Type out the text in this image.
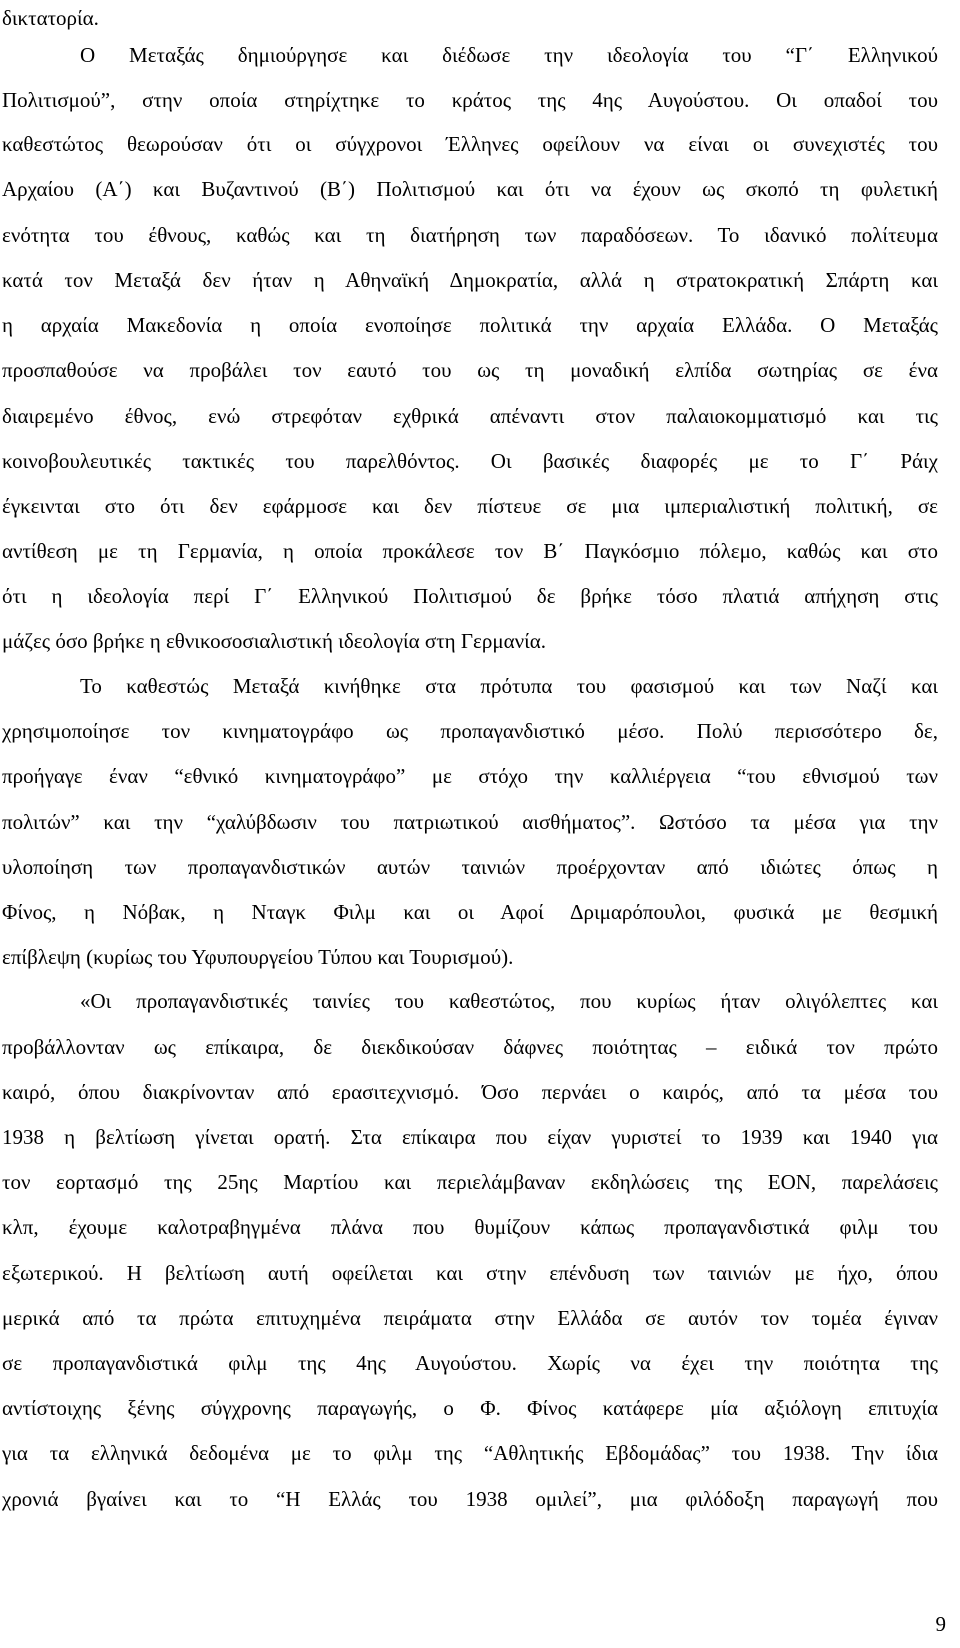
δικτατορία.
Ο Μεταξάς δημιούργησε και διέδωσε την ιδεολογία του “Γ΄ Ελληνικού
Πολιτισμού”, στην οποία στηρίχτηκε το κράτος της 4ης Αυγούστου. Οι οπαδοί του
καθεστώτος θεωρούσαν ότι οι σύγχρονοι Έλληνες οφείλουν να είναι οι συνεχιστές του
Αρχαίου (Α΄) και Βυζαντινού (Β΄) Πολιτισμού και ότι να έχουν ως σκοπό τη φυλετική
ενότητα του έθνους, καθώς και τη διατήρηση των παραδόσεων. Το ιδανικό πολίτευμα
κατά τον Μεταξά δεν ήταν η Αθηναϊκή Δημοκρατία, αλλά η στρατοκρατική Σπάρτη και
η αρχαία Μακεδονία η οποία ενοποίησε πολιτικά την αρχαία Ελλάδα. Ο Μεταξάς
προσπαθούσε να προβάλει τον εαυτό του ως τη μοναδική ελπίδα σωτηρίας σε ένα
διαιρεμένο έθνος, ενώ στρεφόταν εχθρικά απέναντι στον παλαιοκομματισμό και τις
κοινοβουλευτικές τακτικές του παρελθόντος. Οι βασικές διαφορές με το Γ΄ Ράιχ
έγκεινται στο ότι δεν εφάρμοσε και δεν πίστευε σε μια ιμπεριαλιστική πολιτική, σε
αντίθεση με τη Γερμανία, η οποία προκάλεσε τον Β΄ Παγκόσμιο πόλεμο, καθώς και στο
ότι η ιδεολογία περί Γ΄ Ελληνικού Πολιτισμού δε βρήκε τόσο πλατιά απήχηση στις
μάζες όσο βρήκε η εθνικοσοσιαλιστική ιδεολογία στη Γερμανία.
Το καθεστώς Μεταξά κινήθηκε στα πρότυπα του φασισμού και των Ναζί και
χρησιμοποίησε τον κινηματογράφο ως προπαγανδιστικό μέσο. Πολύ περισσότερο δε,
προήγαγε έναν “εθνικό κινηματογράφο” με στόχο την καλλιέργεια “του εθνισμού των
πολιτών” και την “χαλύβδωσιν του πατριωτικού αισθήματος”. Ωστόσο τα μέσα για την
υλοποίηση των προπαγανδιστικών αυτών ταινιών προέρχονταν από ιδιώτες όπως η
Φίνος, η Νόβακ, η Νταγκ Φιλμ και οι Αφοί Δριμαρόπουλοι, φυσικά με θεσμική
επίβλεψη (κυρίως του Υφυπουργείου Τύπου και Τουρισμού).
«Οι προπαγανδιστικές ταινίες του καθεστώτος, που κυρίως ήταν ολιγόλεπτες και
προβάλλονταν ως επίκαιρα, δε διεκδικούσαν δάφνες ποιότητας – ειδικά τον πρώτο
καιρό, όπου διακρίνονταν από ερασιτεχνισμό. Όσο περνάει ο καιρός, από τα μέσα του
1938 η βελτίωση γίνεται ορατή. Στα επίκαιρα που είχαν γυριστεί το 1939 και 1940 για
τον εορτασμό της 25ης Μαρτίου και περιελάμβαναν εκδηλώσεις της ΕΟΝ, παρελάσεις
κλπ, έχουμε καλοτραβηγμένα πλάνα που θυμίζουν κάπως προπαγανδιστικά φιλμ του
εξωτερικού. Η βελτίωση αυτή οφείλεται και στην επένδυση των ταινιών με ήχο, όπου
μερικά από τα πρώτα επιτυχημένα πειράματα στην Ελλάδα σε αυτόν τον τομέα έγιναν
σε προπαγανδιστικά φιλμ της 4ης Αυγούστου. Χωρίς να έχει την ποιότητα της
αντίστοιχης ξένης σύγχρονης παραγωγής, ο Φ. Φίνος κατάφερε μία αξιόλογη επιτυχία
για τα ελληνικά δεδομένα με το φιλμ της “Αθλητικής Εβδομάδας” του 1938. Την ίδια
χρονιά βγαίνει και το “Η Ελλάς του 1938 ομιλεί”, μια φιλόδοξη παραγωγή που
9
